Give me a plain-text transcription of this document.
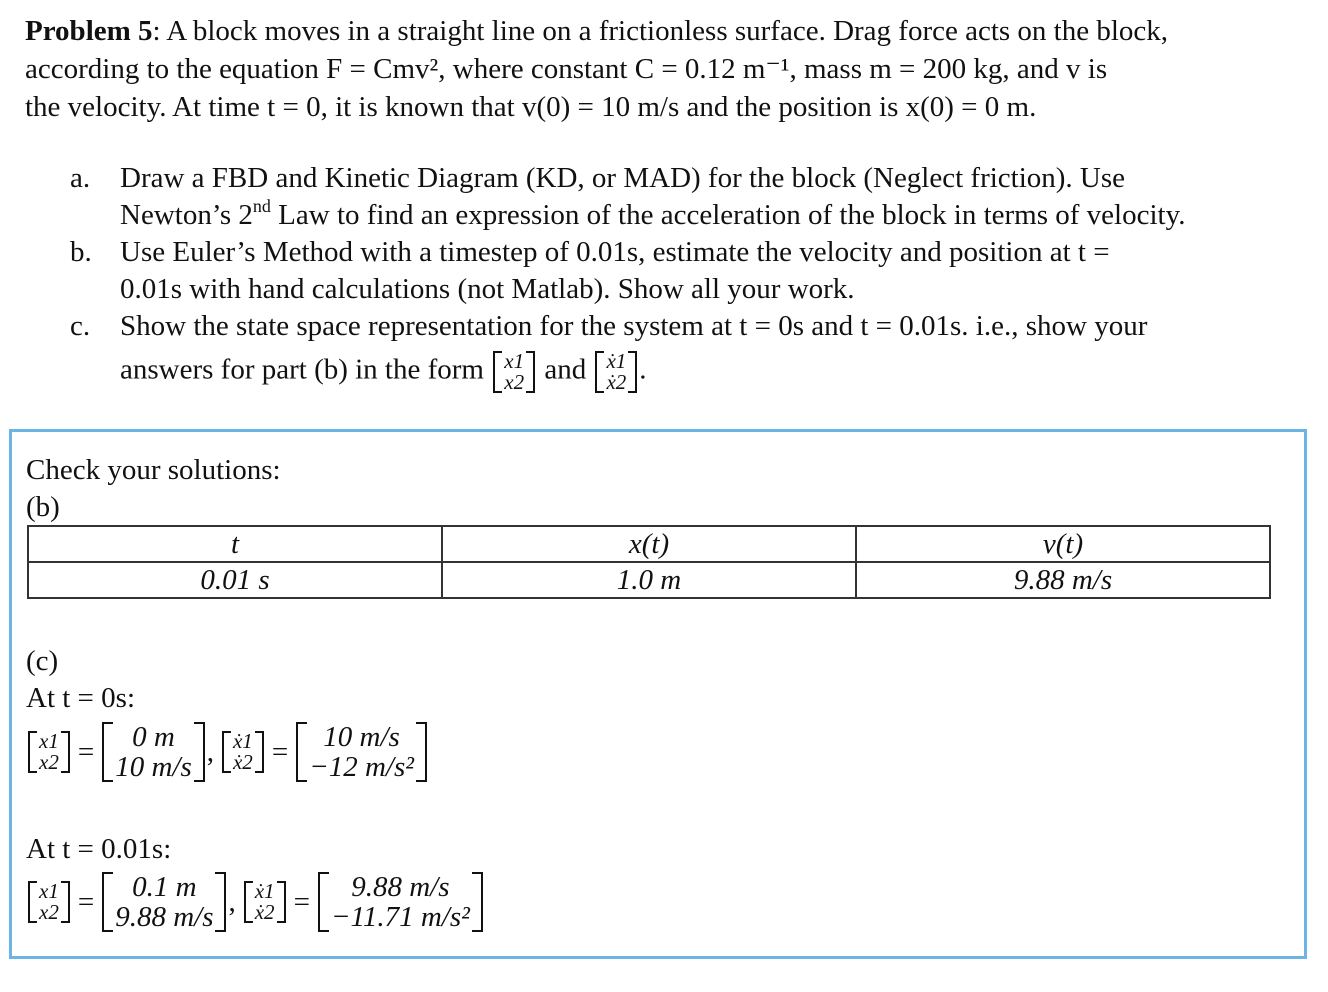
Problem 5: A block moves in a straight line on a frictionless surface. Drag force acts on the block,
according to the equation F = Cmv², where constant C = 0.12 m⁻¹, mass m = 200 kg, and v is
the velocity. At time t = 0, it is known that v(0) = 10 m/s and the position is x(0) = 0 m.
a.	Draw a FBD and Kinetic Diagram (KD, or MAD) for the block (Neglect friction). Use
Newton’s 2nd Law to find an expression of the acceleration of the block in terms of velocity.
b. Use Euler’s Method with a timestep of 0.01s, estimate the velocity and position at t =
0.01s with hand calculations (not Matlab). Show all your work.
c.	Show the state space representation for the system at t = 0s and t = 0.01s. i.e., show your
answers for part (b) in the form x1
x2 and ẋ1
ẋ2 .
Check your solutions:
(b)
t	x(t)	v(t)
0.01 s	1.0 m	9.88 m/s
(c)
At t = 0s:
x1
x2 =	0 m
10 m/s , ẋ1
ẋ2 =	10 m/s
−12 m/s²
At t = 0.01s:
x1
x2 =	0.1 m
9.88 m/s , ẋ1
ẋ2 =	9.88 m/s
−11.71 m/s²
